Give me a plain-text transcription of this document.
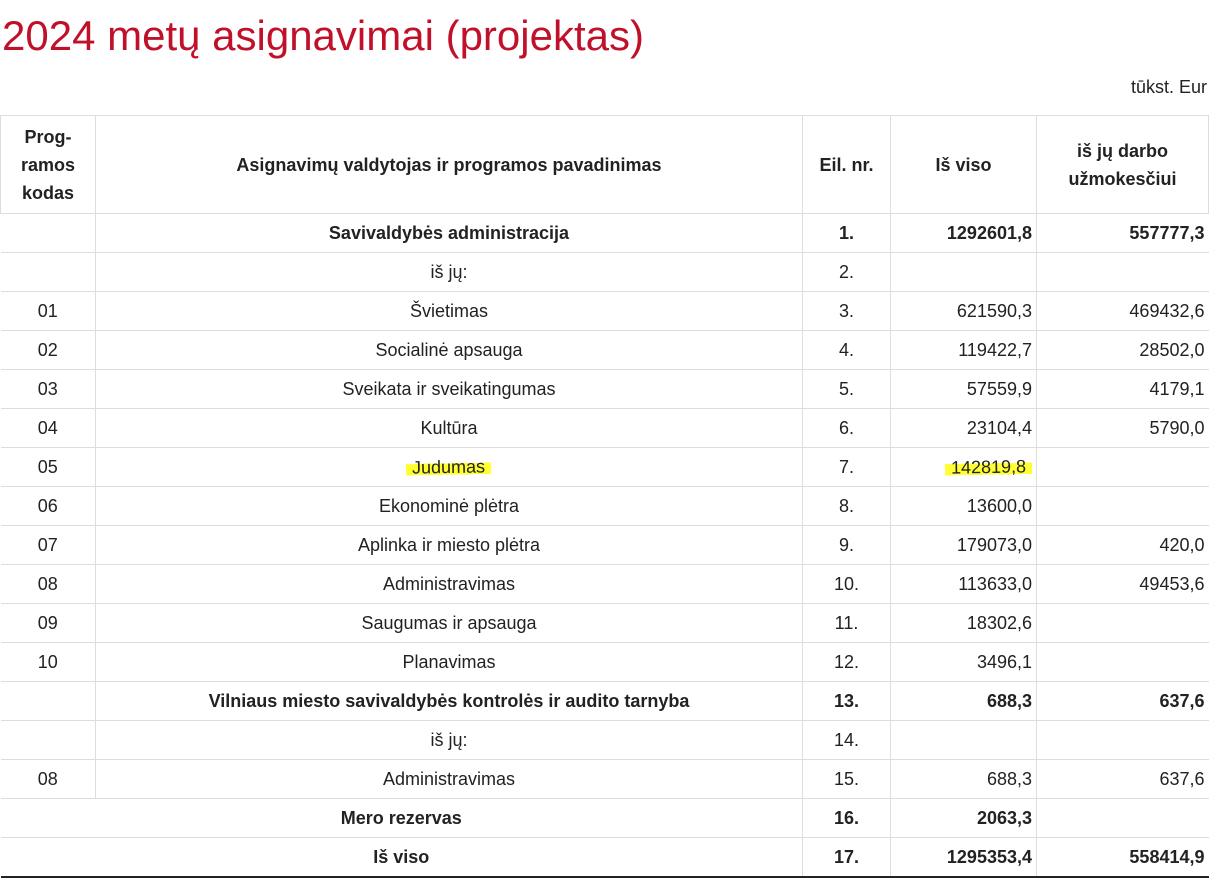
2024 metų asignavimai (projektas)
tūkst. Eur
Prog-
ramos
kodas	Asignavimų valdytojas ir programos pavadinimas	Eil. nr.	Iš viso	iš jų darbo
užmokesčiui
	Savivaldybės administracija	1.	1292601,8	557777,3
	iš jų:	2.		
01	Švietimas	3.	621590,3	469432,6
02	Socialinė apsauga	4.	119422,7	28502,0
03	Sveikata ir sveikatingumas	5.	57559,9	4179,1
04	Kultūra	6.	23104,4	5790,0
05	Judumas	7.	142819,8	
06	Ekonominė plėtra	8.	13600,0	
07	Aplinka ir miesto plėtra	9.	179073,0	420,0
08	Administravimas	10.	113633,0	49453,6
09	Saugumas ir apsauga	11.	18302,6	
10	Planavimas	12.	3496,1	
	Vilniaus miesto savivaldybės kontrolės ir audito tarnyba	13.	688,3	637,6
	iš jų:	14.		
08	Administravimas	15.	688,3	637,6
Mero rezervas		16.	2063,3	
Iš viso		17.	1295353,4	558414,9
